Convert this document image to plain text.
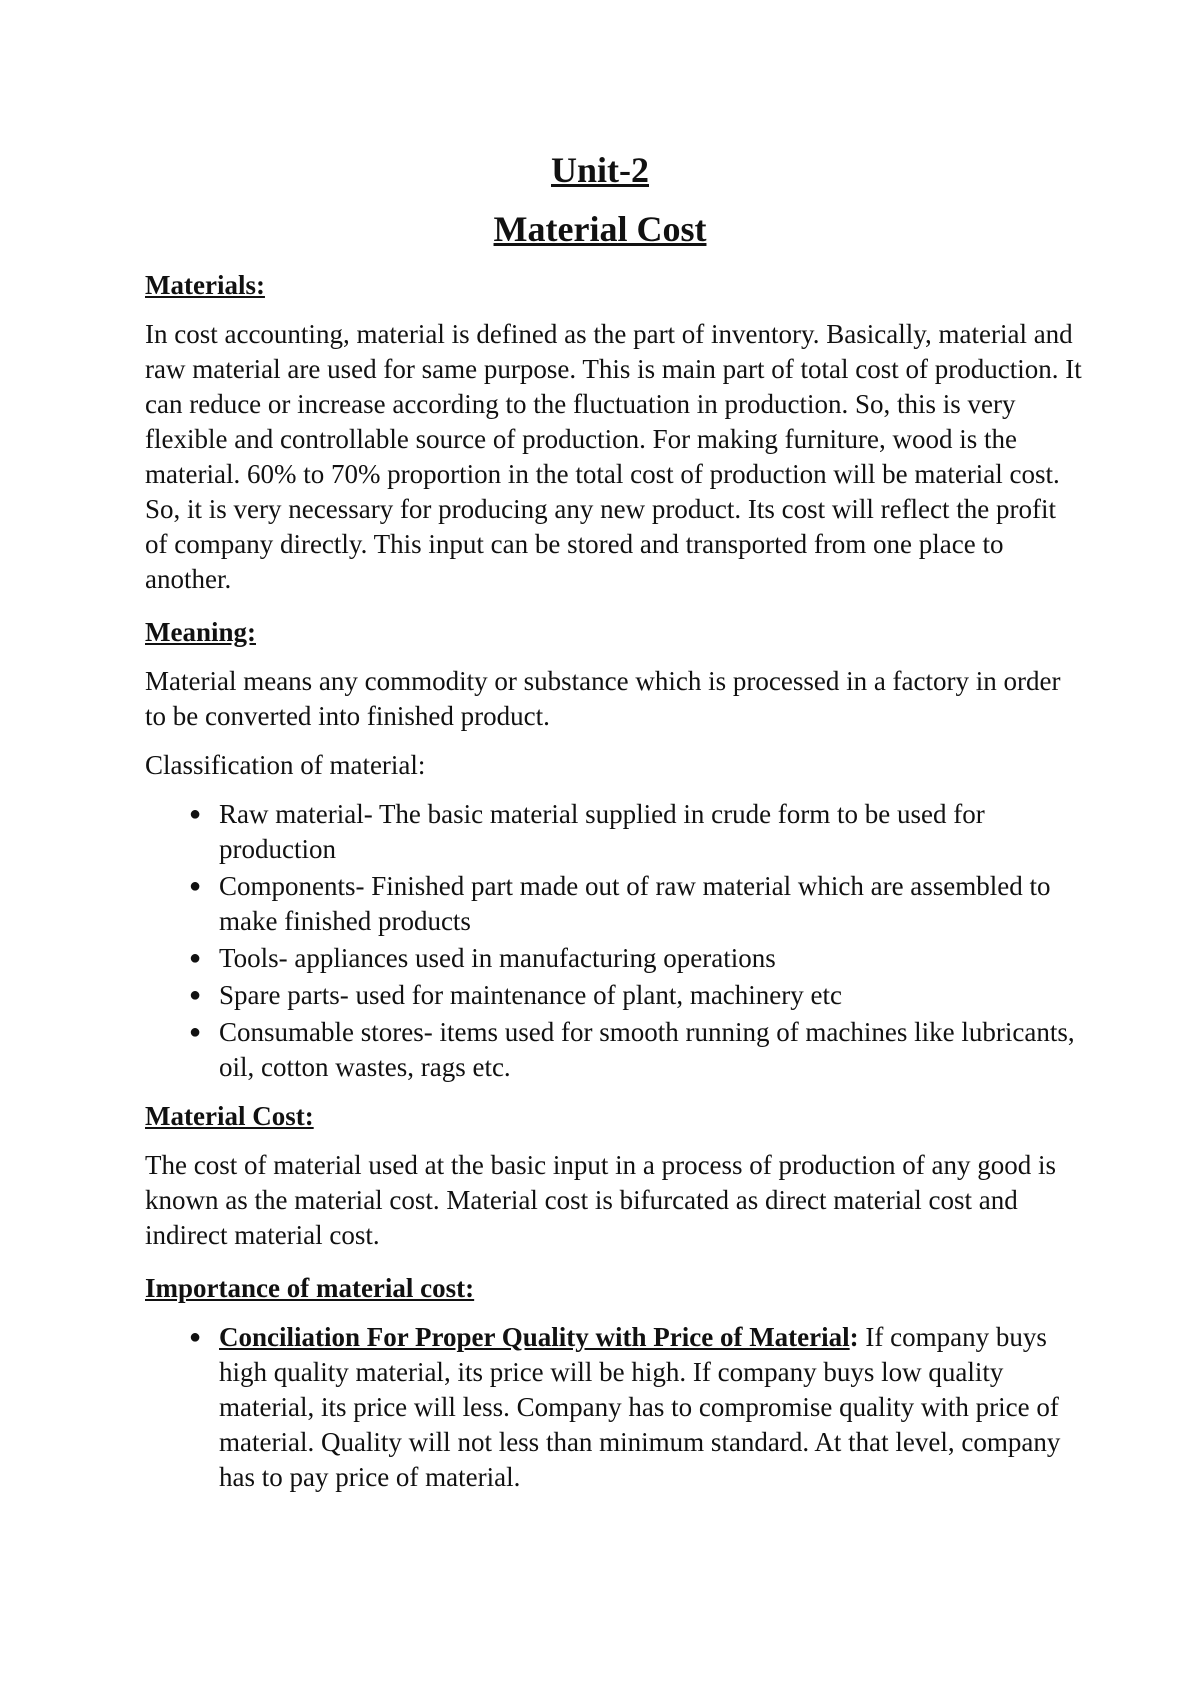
Unit-2
Material Cost
Materials:

In cost accounting, material is defined as the part of inventory. Basically, material and raw material are used for same purpose. This is main part of total cost of production. It can reduce or increase according to the fluctuation in production. So, this is very flexible and controllable source of production. For making furniture, wood is the material. 60% to 70% proportion in the total cost of production will be material cost. So, it is very necessary for producing any new product. Its cost will reflect the profit of company directly. This input can be stored and transported from one place to another.

Meaning:

Material means any commodity or substance which is processed in a factory in order to be converted into finished product.

Classification of material:

● Raw material- The basic material supplied in crude form to be used for production
● Components- Finished part made out of raw material which are assembled to make finished products
● Tools- appliances used in manufacturing operations
● Spare parts- used for maintenance of plant, machinery etc
● Consumable stores- items used for smooth running of machines like lubricants, oil, cotton wastes, rags etc.
Material Cost:

The cost of material used at the basic input in a process of production of any good is known as the material cost. Material cost is bifurcated as direct material cost and indirect material cost.

Importance of material cost:
● Conciliation For Proper Quality with Price of Material: If company buys high quality material, its price will be high. If company buys low quality material, its price will less. Company has to compromise quality with price of material. Quality will not less than minimum standard. At that level, company has to pay price of material.
